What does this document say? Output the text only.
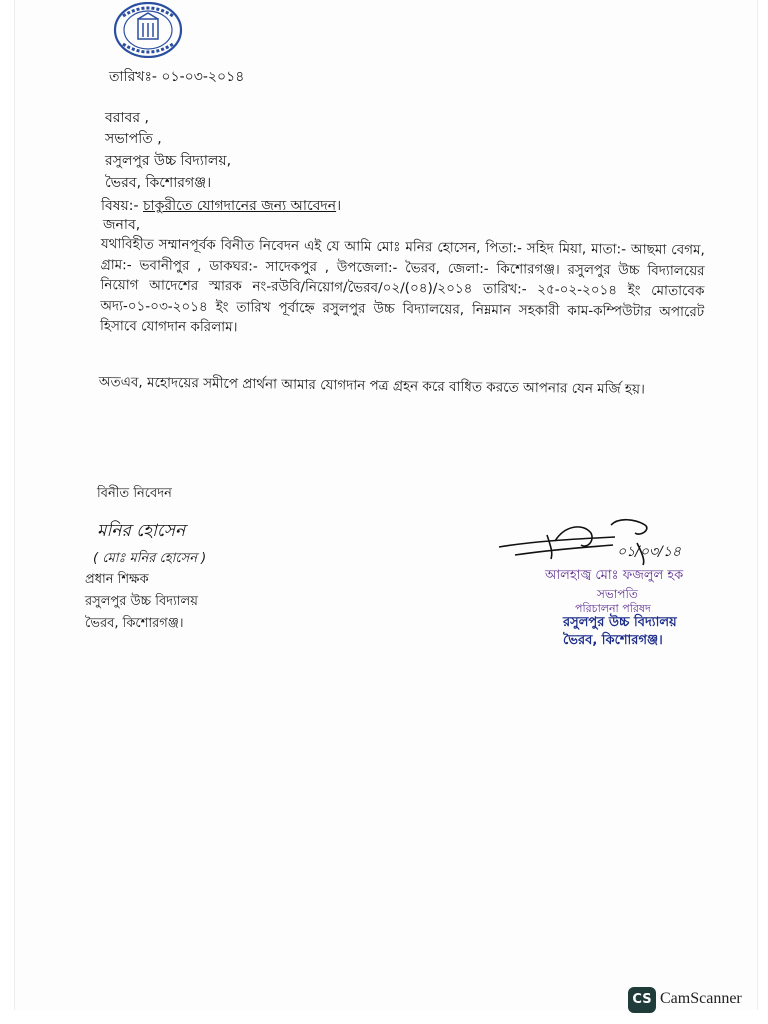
তারিখঃ- ০১-০৩-২০১৪
বরাবর ,
সভাপতি ,
রসুলপুর উচ্চ বিদ্যালয়,
ভৈরব, কিশোরগঞ্জ।
বিষয়:- চাকুরীতে যোগদানের জন্য আবেদন।
জনাব,
যথাবিহীত সম্মানপূর্বক বিনীত নিবেদন এই যে আমি মোঃ মনির হোসেন, পিতা:- সহিদ মিয়া, মাতা:- আছমা বেগম, গ্রাম:- ভবানীপুর , ডাকঘর:- সাদেকপুর , উপজেলা:- ভৈরব, জেলা:- কিশোরগঞ্জ। রসুলপুর উচ্চ বিদ্যালয়ের নিয়োগ আদেশের স্মারক নং-রউবি/নিয়োগ/ভৈরব/০২/(০৪)/২০১৪ তারিখ:- ২৫-০২-২০১৪ ইং মোতাবেক অদ্য-০১-০৩-২০১৪ ইং তারিখ পূর্বাহ্নে রসুলপুর উচ্চ বিদ্যালয়ের, নিম্নমান সহকারী কাম-কম্পিউটার অপারেট হিসাবে যোগদান করিলাম।
অতএব, মহোদয়ের সমীপে প্রার্থনা আমার যোগদান পত্র গ্রহন করে বাধিত করতে আপনার যেন মর্জি হয়।
বিনীত নিবেদন
মনির হোসেন
( মোঃ মনির হোসেন )
প্রধান শিক্ষক
রসুলপুর উচ্চ বিদ্যালয়
ভৈরব, কিশোরগঞ্জ।
০১/০৩/১৪
আলহাজ্ব মোঃ ফজলুল হক
সভাপতি
পরিচালনা পরিষদ
রসুলপুর উচ্চ বিদ্যালয়
ভৈরব, কিশোরগঞ্জ।
CS CamScanner
